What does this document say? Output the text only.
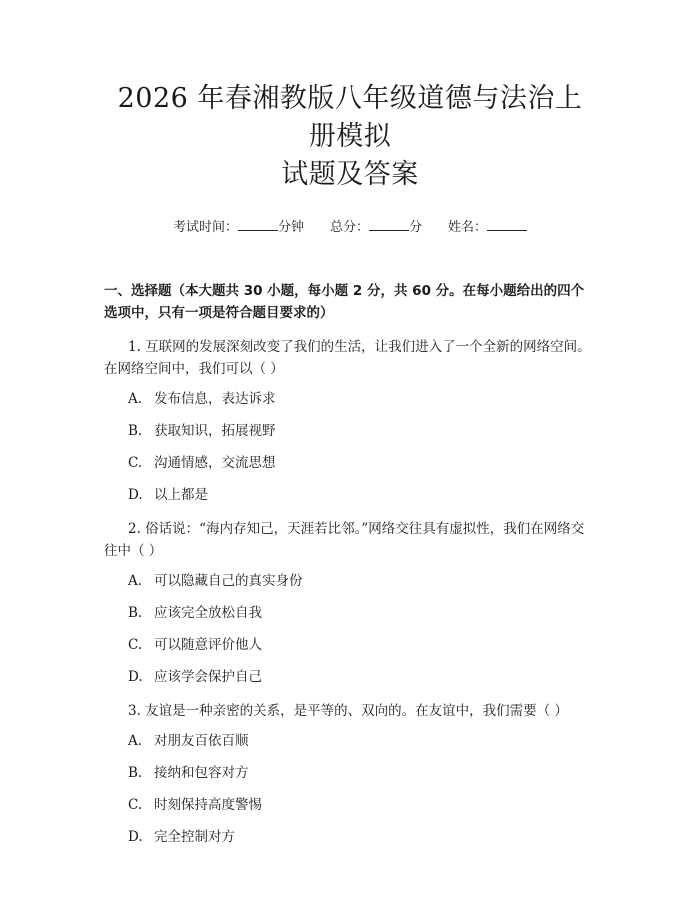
2026 年春湘教版八年级道德与法治上册模拟
试题及答案
考试时间：	分钟 总分：	分 姓名：
一、选择题（本大题共 30 小题，每小题 2 分，共 60 分。在每小题给出的四个选项中，只有一项是符合题目要求的）
1. 互联网的发展深刻改变了我们的生活，让我们进入了一个全新的网络空间。在网络空间中，我们可以（ ）
A. 发布信息，表达诉求
B. 获取知识，拓展视野
C. 沟通情感，交流思想
D. 以上都是
2. 俗话说：“海内存知己，天涯若比邻。”网络交往具有虚拟性，我们在网络交往中（ ）
A. 可以隐藏自己的真实身份
B. 应该完全放松自我
C. 可以随意评价他人
D. 应该学会保护自己
3. 友谊是一种亲密的关系，是平等的、双向的。在友谊中，我们需要（ ）
A. 对朋友百依百顺
B. 接纳和包容对方
C. 时刻保持高度警惕
D. 完全控制对方
